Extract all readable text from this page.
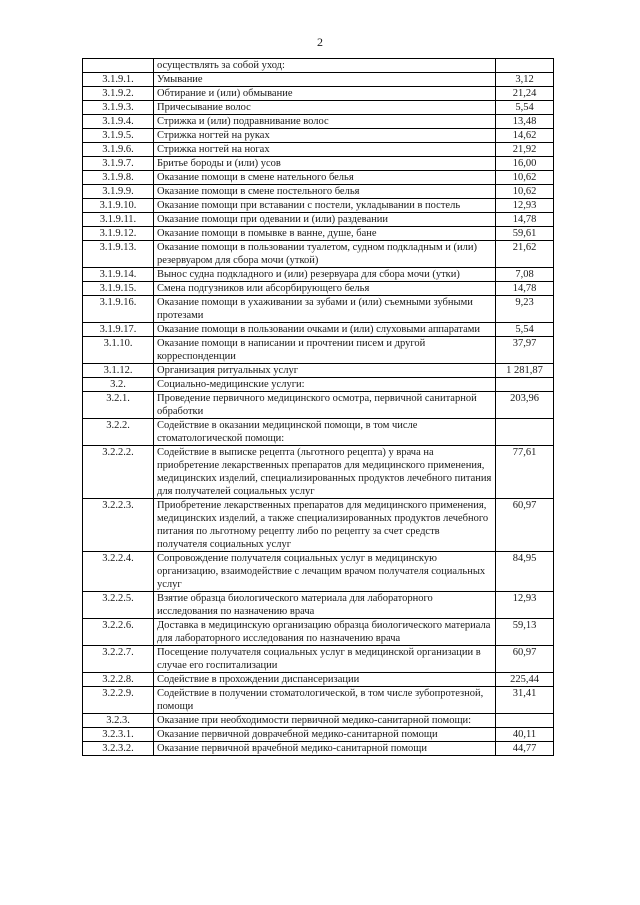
2
	осуществлять за собой уход:	
3.1.9.1.	Умывание	3,12
3.1.9.2.	Обтирание и (или) обмывание	21,24
3.1.9.3.	Причесывание волос	5,54
3.1.9.4.	Стрижка и (или) подравнивание волос	13,48
3.1.9.5.	Стрижка ногтей на руках	14,62
3.1.9.6.	Стрижка ногтей на ногах	21,92
3.1.9.7.	Бритье бороды и (или) усов	16,00
3.1.9.8.	Оказание помощи в смене нательного белья	10,62
3.1.9.9.	Оказание помощи в смене постельного белья	10,62
3.1.9.10.	Оказание помощи при вставании с постели, укладывании в постель	12,93
3.1.9.11.	Оказание помощи при одевании и (или) раздевании	14,78
3.1.9.12.	Оказание помощи в помывке в ванне, душе, бане	59,61
3.1.9.13.	Оказание помощи в пользовании туалетом, судном подкладным и (или) резервуаром для сбора мочи (уткой)	21,62
3.1.9.14.	Вынос судна подкладного и (или) резервуара для сбора мочи (утки)	7,08
3.1.9.15.	Смена подгузников или абсорбирующего белья	14,78
3.1.9.16.	Оказание помощи в ухаживании за зубами и (или) съемными зубными протезами	9,23
3.1.9.17.	Оказание помощи в пользовании очками и (или) слуховыми аппаратами	5,54
3.1.10.	Оказание помощи в написании и прочтении писем и другой корреспонденции	37,97
3.1.12.	Организация ритуальных услуг	1 281,87
3.2.	Социально-медицинские услуги:	
3.2.1.	Проведение первичного медицинского осмотра, первичной санитарной обработки	203,96
3.2.2.	Содействие в оказании медицинской помощи, в том числе стоматологической помощи:	
3.2.2.2.	Содействие в выписке рецепта (льготного рецепта) у врача на приобретение лекарственных препаратов для медицинского применения, медицинских изделий, специализированных продуктов лечебного питания для получателей социальных услуг	77,61
3.2.2.3.	Приобретение лекарственных препаратов для медицинского применения, медицинских изделий, а также специализированных продуктов лечебного питания по льготному рецепту либо по рецепту за счет средств получателя социальных услуг	60,97
3.2.2.4.	Сопровождение получателя социальных услуг в медицинскую организацию, взаимодействие с лечащим врачом получателя социальных услуг	84,95
3.2.2.5.	Взятие образца биологического материала для лабораторного исследования по назначению врача	12,93
3.2.2.6.	Доставка в медицинскую организацию образца биологического материала для лабораторного исследования по назначению врача	59,13
3.2.2.7.	Посещение получателя социальных услуг в медицинской организации в случае его госпитализации	60,97
3.2.2.8.	Содействие в прохождении диспансеризации	225,44
3.2.2.9.	Содействие в получении стоматологической, в том числе зубопротезной, помощи	31,41
3.2.3.	Оказание при необходимости первичной медико-санитарной помощи:	
3.2.3.1.	Оказание первичной доврачебной медико-санитарной помощи	40,11
3.2.3.2.	Оказание первичной врачебной медико-санитарной помощи	44,77
